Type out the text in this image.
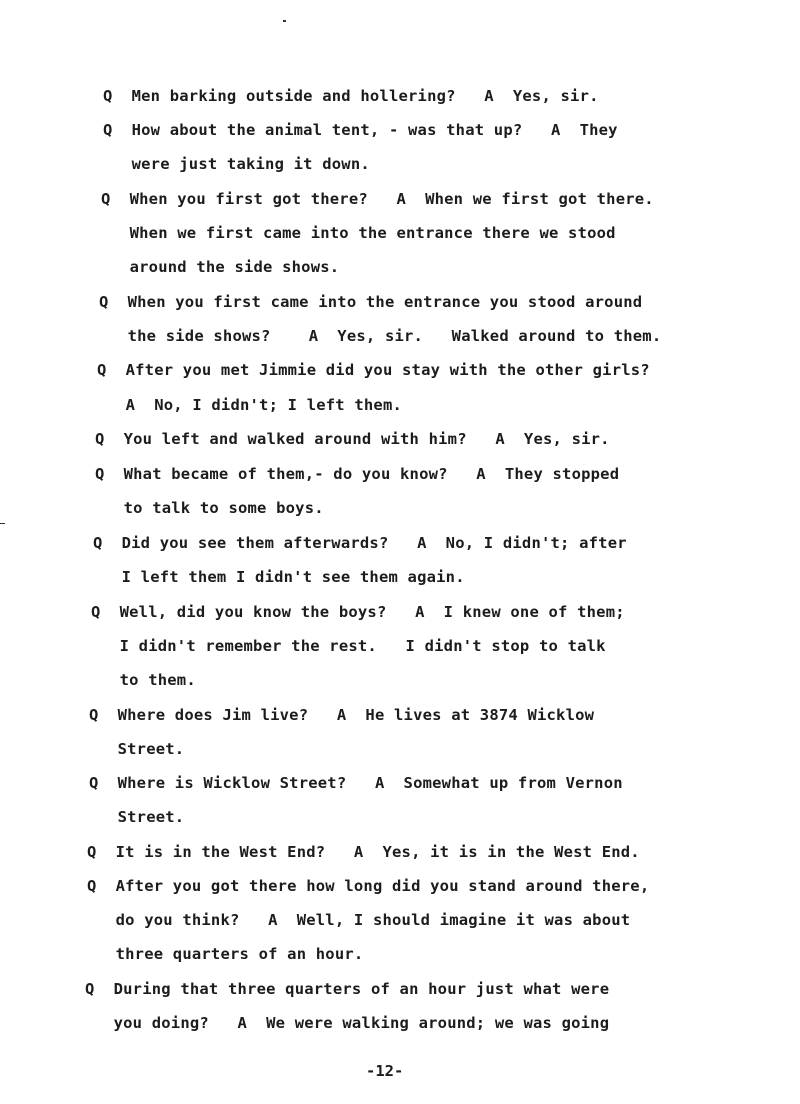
Q  Men barking outside and hollering?   A  Yes, sir.
Q  How about the animal tent, - was that up?   A  They
were just taking it down.
Q  When you first got there?   A  When we first got there.
When we first came into the entrance there we stood
around the side shows.
Q  When you first came into the entrance you stood around
the side shows?    A  Yes, sir.   Walked around to them.
Q  After you met Jimmie did you stay with the other girls?
A  No, I didn't; I left them.
Q  You left and walked around with him?   A  Yes, sir.
Q  What became of them,- do you know?   A  They stopped
to talk to some boys.
Q  Did you see them afterwards?   A  No, I didn't; after
I left them I didn't see them again.
Q  Well, did you know the boys?   A  I knew one of them;
I didn't remember the rest.   I didn't stop to talk
to them.
Q  Where does Jim live?   A  He lives at 3874 Wicklow
Street.
Q  Where is Wicklow Street?   A  Somewhat up from Vernon
Street.
Q  It is in the West End?   A  Yes, it is in the West End.
Q  After you got there how long did you stand around there,
do you think?   A  Well, I should imagine it was about
three quarters of an hour.
Q  During that three quarters of an hour just what were
you doing?   A  We were walking around; we was going
-12-
